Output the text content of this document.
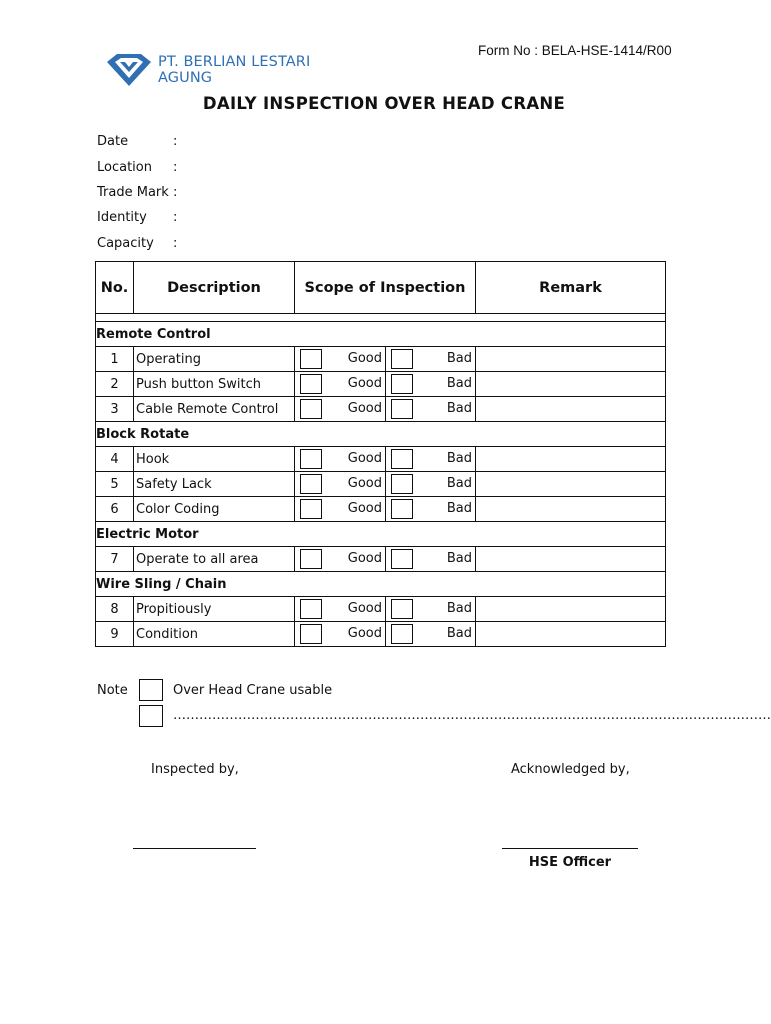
PT. BERLIAN LESTARI AGUNG
Form No : BELA-HSE-1414/R00
DAILY INSPECTION OVER HEAD CRANE
Date	:
Location :
Trade Mark :
Identity :
Capacity :
No.	Description	Scope of Inspection		Remark

Remote Control				
1	Operating	Good	Bad	

2	Push button Switch	Good	Bad	

3	Cable Remote Control	Good	Bad	

Block Rotate				
4	Hook	Good	Bad	

5	Safety Lack	Good	Bad	

6	Color Coding	Good	Bad	

Electric Motor				
7	Operate to all area	Good	Bad	

Wire Sling / Chain				
8	Propitiously	Good	Bad	

9	Condition	Good	Bad	

Note	Over Head Crane usable
…………………………………………………………………………………………………………………………
Inspected by,	Acknowledged by,
HSE Officer
